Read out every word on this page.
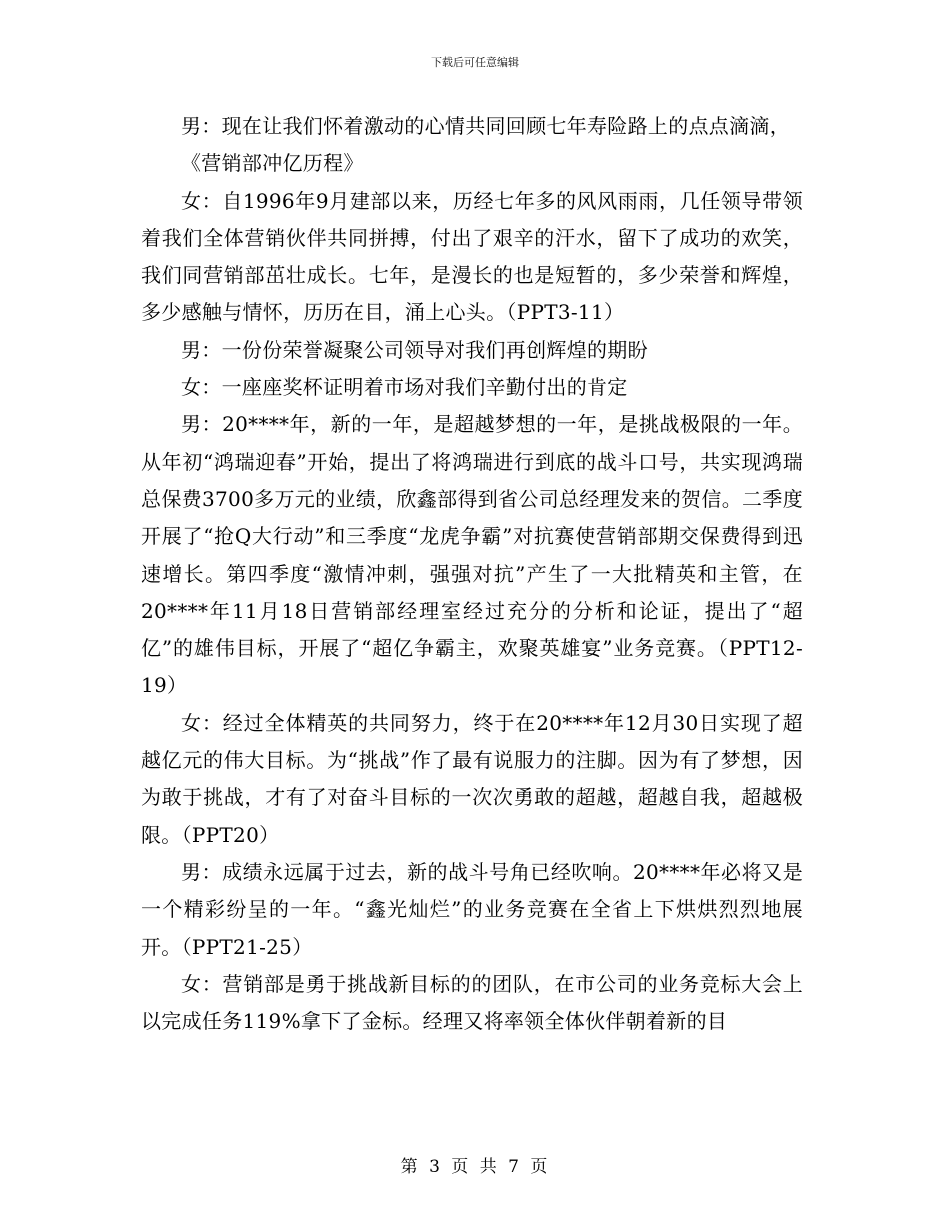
下载后可任意编辑

男：现在让我们怀着激动的心情共同回顾七年寿险路上的点点滴滴，

《营销部冲亿历程》

女：自1996年9月建部以来，历经七年多的风风雨雨，几任领导带领着我们全体营销伙伴共同拼搏，付出了艰辛的汗水，留下了成功的欢笑，我们同营销部茁壮成长。七年，是漫长的也是短暂的，多少荣誉和辉煌，多少感触与情怀，历历在目，涌上心头。（PPT3-11）

男：一份份荣誉凝聚公司领导对我们再创辉煌的期盼

女：一座座奖杯证明着市场对我们辛勤付出的肯定

男：20****年，新的一年，是超越梦想的一年，是挑战极限的一年。从年初“鸿瑞迎春”开始，提出了将鸿瑞进行到底的战斗口号，共实现鸿瑞总保费3700多万元的业绩，欣鑫部得到省公司总经理发来的贺信。二季度开展了“抢Q大行动”和三季度“龙虎争霸”对抗赛使营销部期交保费得到迅速增长。第四季度“激情冲刺，强强对抗”产生了一大批精英和主管，在20****年11月18日营销部经理室经过充分的分析和论证，提出了“超亿”的雄伟目标，开展了“超亿争霸主，欢聚英雄宴”业务竞赛。（PPT12-19）

女：经过全体精英的共同努力，终于在20****年12月30日实现了超越亿元的伟大目标。为“挑战”作了最有说服力的注脚。因为有了梦想，因为敢于挑战，才有了对奋斗目标的一次次勇敢的超越，超越自我，超越极限。（PPT20）

男：成绩永远属于过去，新的战斗号角已经吹响。20****年必将又是一个精彩纷呈的一年。“鑫光灿烂”的业务竞赛在全省上下烘烘烈烈地展开。（PPT21-25）

女：营销部是勇于挑战新目标的的团队，在市公司的业务竞标大会上以完成任务119%拿下了金标。经理又将率领全体伙伴朝着新的目

第 3 页 共 7 页
